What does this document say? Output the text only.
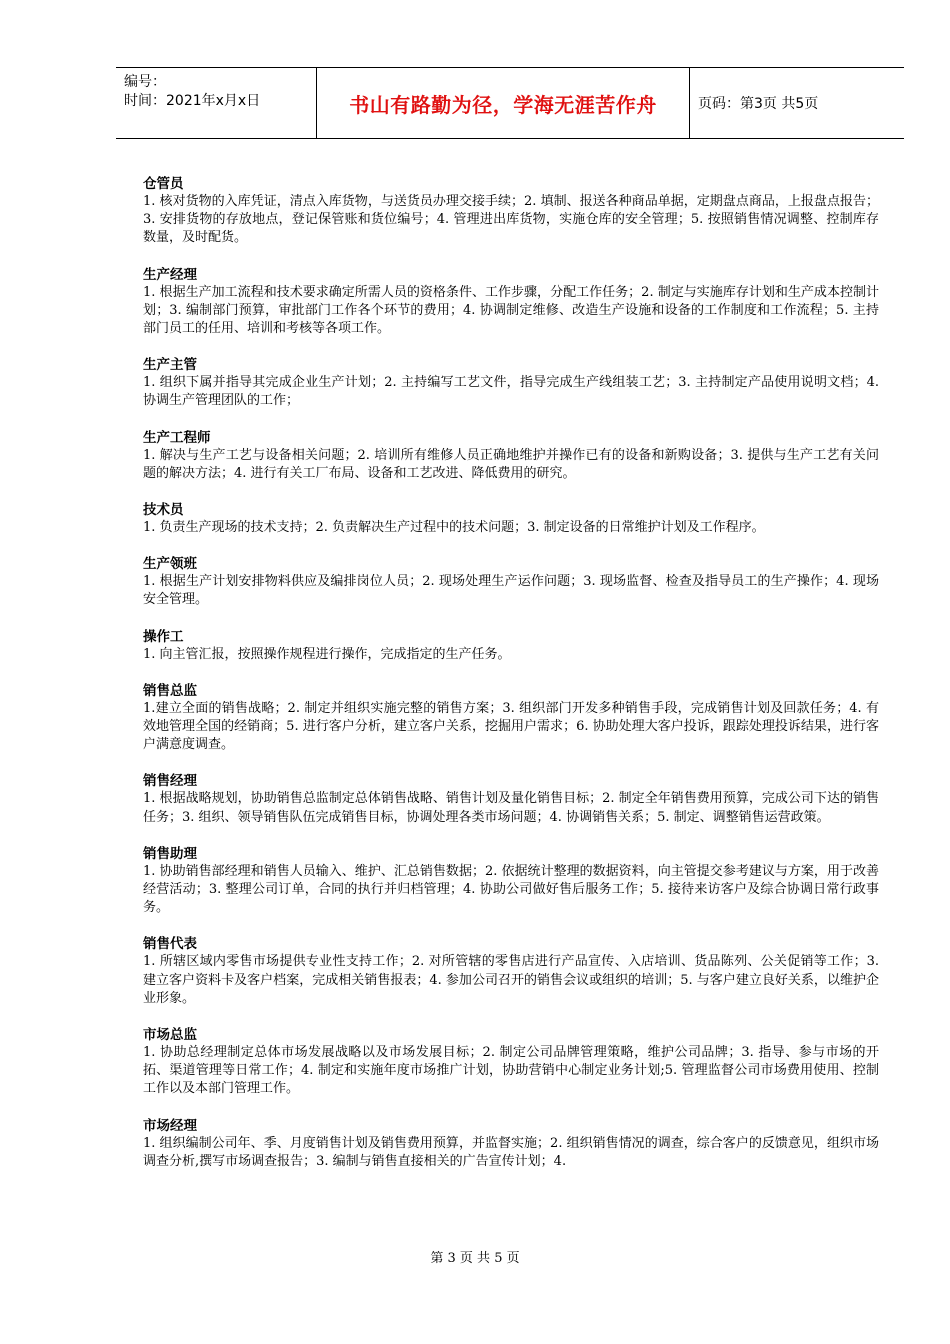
编号：
时间：2021年x月x日	书山有路勤为径，学海无涯苦作舟	页码：第3页 共5页
仓管员
1. 核对货物的入库凭证，清点入库货物，与送货员办理交接手续；2. 填制、报送各种商品单据，定期盘点商品，上报盘点报告；3. 安排货物的存放地点，登记保管账和货位编号；4. 管理进出库货物，实施仓库的安全管理；5. 按照销售情况调整、控制库存数量，及时配货。
生产经理
1. 根据生产加工流程和技术要求确定所需人员的资格条件、工作步骤，分配工作任务；2. 制定与实施库存计划和生产成本控制计划；3. 编制部门预算，审批部门工作各个环节的费用；4. 协调制定维修、改造生产设施和设备的工作制度和工作流程；5. 主持部门员工的任用、培训和考核等各项工作。
生产主管
1. 组织下属并指导其完成企业生产计划；2. 主持编写工艺文件，指导完成生产线组装工艺；3. 主持制定产品使用说明文档；4. 协调生产管理团队的工作；
生产工程师
1. 解决与生产工艺与设备相关问题；2. 培训所有维修人员正确地维护并操作已有的设备和新购设备；3. 提供与生产工艺有关问题的解决方法；4. 进行有关工厂布局、设备和工艺改进、降低费用的研究。
技术员
1. 负责生产现场的技术支持；2. 负责解决生产过程中的技术问题；3. 制定设备的日常维护计划及工作程序。
生产领班
1. 根据生产计划安排物料供应及编排岗位人员；2. 现场处理生产运作问题；3. 现场监督、检查及指导员工的生产操作；4. 现场安全管理。
操作工
1. 向主管汇报，按照操作规程进行操作，完成指定的生产任务。
销售总监
1.建立全面的销售战略；2. 制定并组织实施完整的销售方案；3. 组织部门开发多种销售手段，完成销售计划及回款任务；4. 有效地管理全国的经销商；5. 进行客户分析，建立客户关系，挖掘用户需求；6. 协助处理大客户投诉，跟踪处理投诉结果，进行客户满意度调查。
销售经理
1. 根据战略规划，协助销售总监制定总体销售战略、销售计划及量化销售目标；2. 制定全年销售费用预算，完成公司下达的销售任务；3. 组织、领导销售队伍完成销售目标，协调处理各类市场问题；4. 协调销售关系；5. 制定、调整销售运营政策。
销售助理
1. 协助销售部经理和销售人员输入、维护、汇总销售数据；2. 依据统计整理的数据资料，向主管提交参考建议与方案，用于改善经营活动；3. 整理公司订单，合同的执行并归档管理；4. 协助公司做好售后服务工作；5. 接待来访客户及综合协调日常行政事务。
销售代表
1. 所辖区域内零售市场提供专业性支持工作；2. 对所管辖的零售店进行产品宣传、入店培训、货品陈列、公关促销等工作；3. 建立客户资料卡及客户档案，完成相关销售报表；4. 参加公司召开的销售会议或组织的培训；5. 与客户建立良好关系，以维护企业形象。
市场总监
1. 协助总经理制定总体市场发展战略以及市场发展目标；2. 制定公司品牌管理策略，维护公司品牌；3. 指导、参与市场的开拓、渠道管理等日常工作；4. 制定和实施年度市场推广计划，协助营销中心制定业务计划;5. 管理监督公司市场费用使用、控制工作以及本部门管理工作。
市场经理
1. 组织编制公司年、季、月度销售计划及销售费用预算，并监督实施；2. 组织销售情况的调查，综合客户的反馈意见，组织市场调查分析,撰写市场调查报告；3. 编制与销售直接相关的广告宣传计划；4.
第 3 页 共 5 页
